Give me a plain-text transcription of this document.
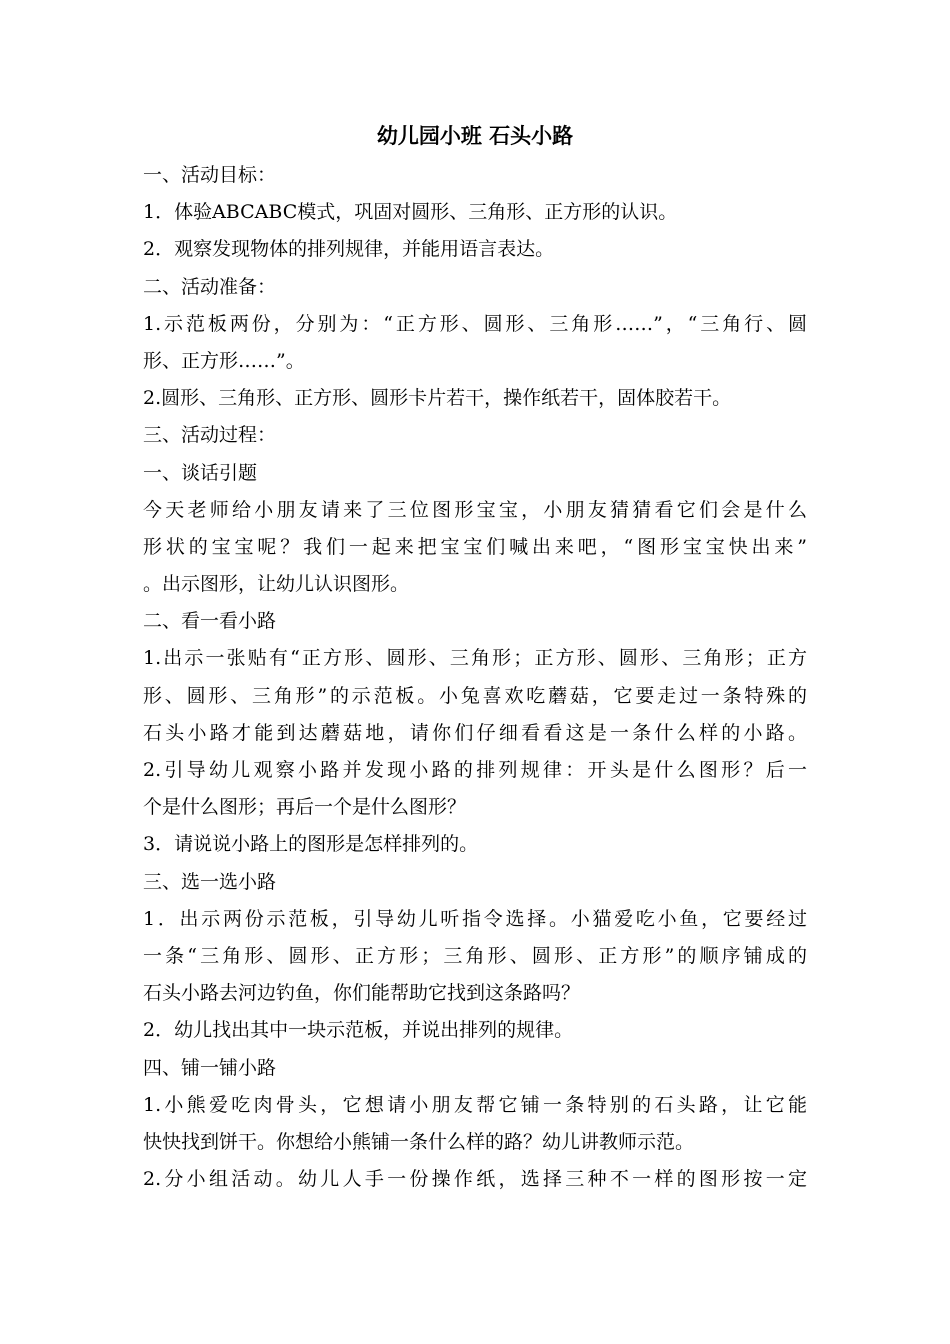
幼儿园小班 石头小路
一、活动目标：
1．体验ABCABC模式，巩固对圆形、三角形、正方形的认识。
2．观察发现物体的排列规律，并能用语言表达。
二、活动准备：
1.示范板两份，分别为：“正方形、圆形、三角形……”，“三角行、圆
形、正方形……”。
2.圆形、三角形、正方形、圆形卡片若干，操作纸若干，固体胶若干。
三、活动过程：
一、谈话引题
今天老师给小朋友请来了三位图形宝宝，小朋友猜猜看它们会是什么
形状的宝宝呢？我们一起来把宝宝们喊出来吧，“图形宝宝快出来”
。出示图形，让幼儿认识图形。
二、看一看小路
1.出示一张贴有“正方形、圆形、三角形；正方形、圆形、三角形；正方
形、圆形、三角形”的示范板。小兔喜欢吃蘑菇，它要走过一条特殊的
石头小路才能到达蘑菇地，请你们仔细看看这是一条什么样的小路。
2.引导幼儿观察小路并发现小路的排列规律：开头是什么图形？后一
个是什么图形；再后一个是什么图形？
3．请说说小路上的图形是怎样排列的。
三、选一选小路
1．出示两份示范板，引导幼儿听指令选择。小猫爱吃小鱼，它要经过
一条“三角形、圆形、正方形；三角形、圆形、正方形”的顺序铺成的
石头小路去河边钓鱼，你们能帮助它找到这条路吗？
2．幼儿找出其中一块示范板，并说出排列的规律。
四、铺一铺小路
1.小熊爱吃肉骨头，它想请小朋友帮它铺一条特别的石头路，让它能
快快找到饼干。你想给小熊铺一条什么样的路？幼儿讲教师示范。
2.分小组活动。幼儿人手一份操作纸，选择三种不一样的图形按一定
